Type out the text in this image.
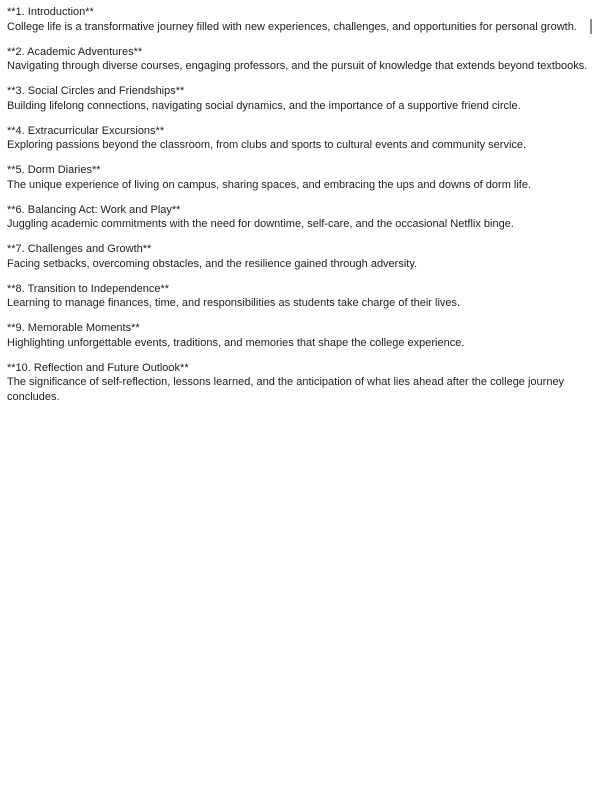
**1. Introduction**
College life is a transformative journey filled with new experiences, challenges, and opportunities for personal growth.
**2. Academic Adventures**
Navigating through diverse courses, engaging professors, and the pursuit of knowledge that extends beyond textbooks.
**3. Social Circles and Friendships**
Building lifelong connections, navigating social dynamics, and the importance of a supportive friend circle.
**4. Extracurricular Excursions**
Exploring passions beyond the classroom, from clubs and sports to cultural events and community service.
**5. Dorm Diaries**
The unique experience of living on campus, sharing spaces, and embracing the ups and downs of dorm life.
**6. Balancing Act: Work and Play**
Juggling academic commitments with the need for downtime, self-care, and the occasional Netflix binge.
**7. Challenges and Growth**
Facing setbacks, overcoming obstacles, and the resilience gained through adversity.
**8. Transition to Independence**
Learning to manage finances, time, and responsibilities as students take charge of their lives.
**9. Memorable Moments**
Highlighting unforgettable events, traditions, and memories that shape the college experience.
**10. Reflection and Future Outlook**
The significance of self-reflection, lessons learned, and the anticipation of what lies ahead after the college journey concludes.
